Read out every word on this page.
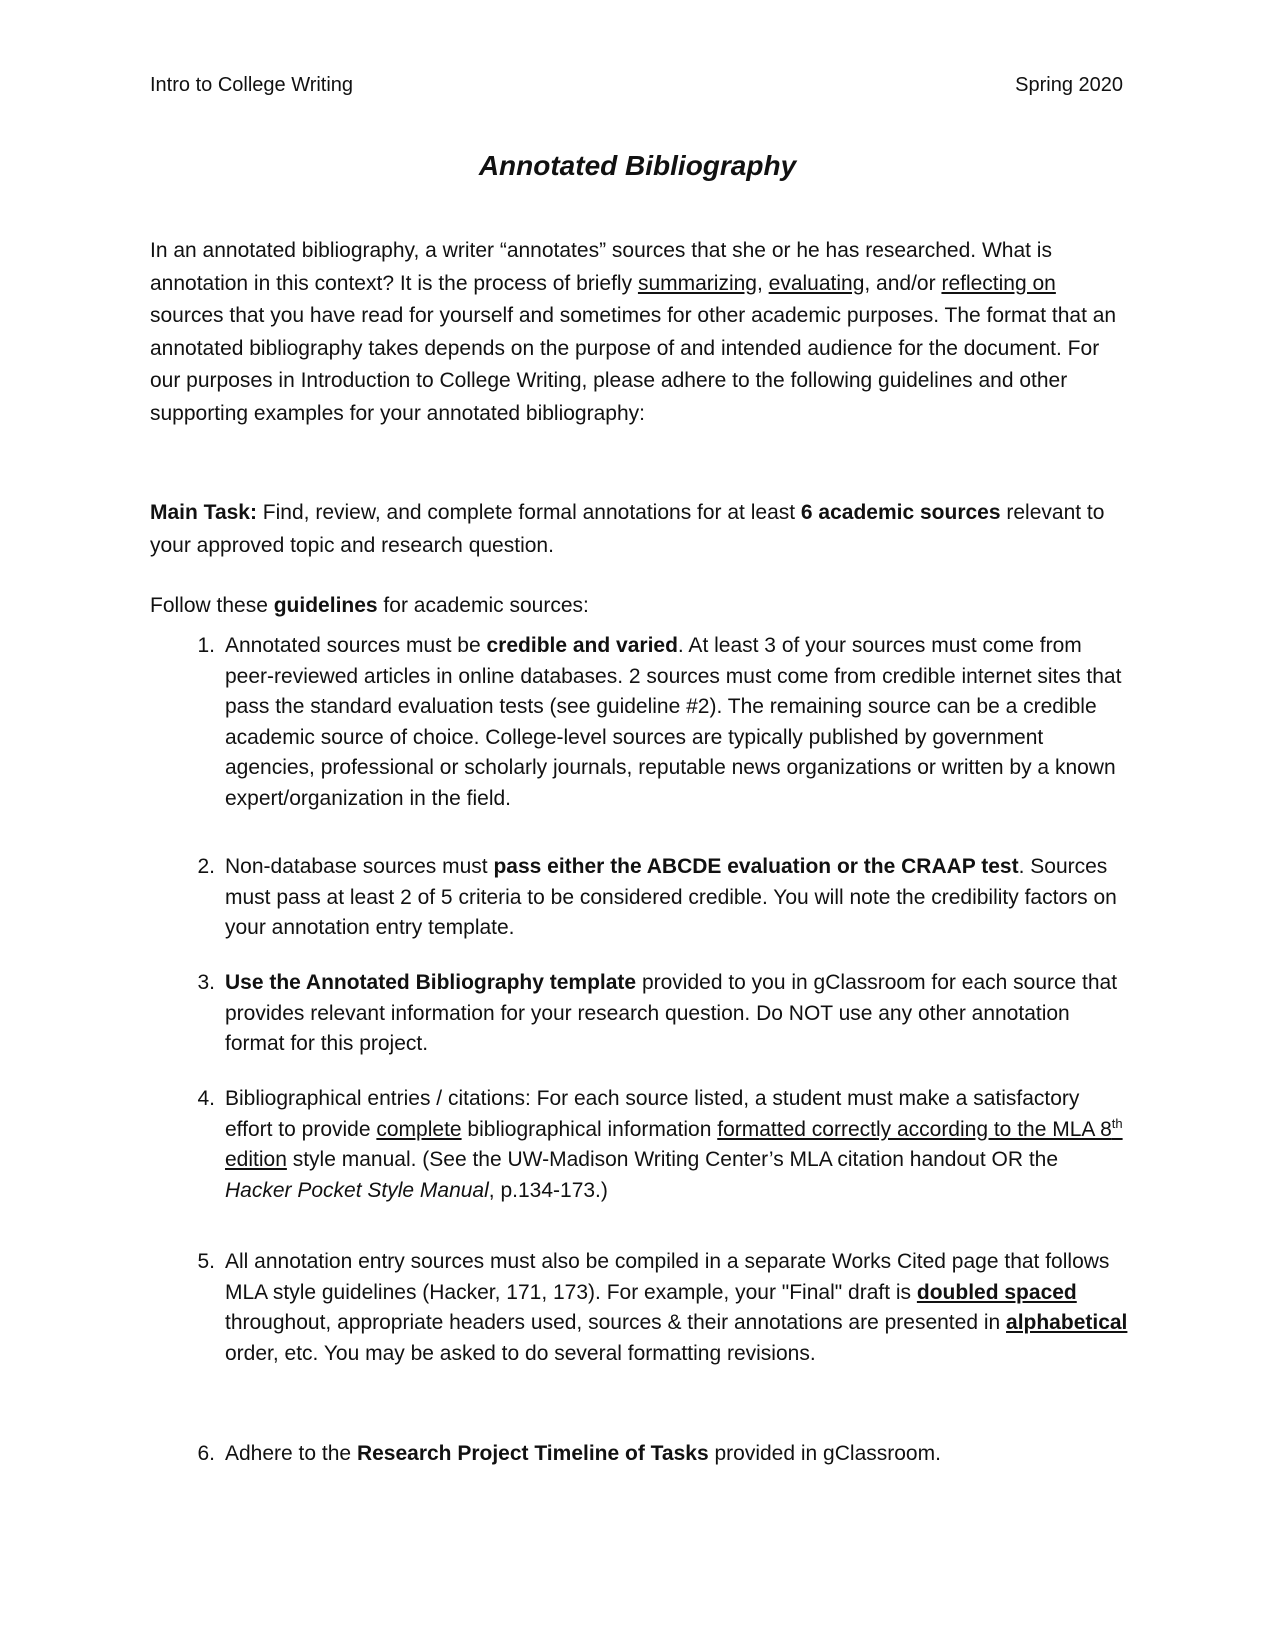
Intro to College Writing	Spring 2020
Annotated Bibliography
In an annotated bibliography, a writer “annotates” sources that she or he has researched. What is annotation in this context? It is the process of briefly summarizing, evaluating, and/or reflecting on sources that you have read for yourself and sometimes for other academic purposes. The format that an annotated bibliography takes depends on the purpose of and intended audience for the document. For our purposes in Introduction to College Writing, please adhere to the following guidelines and other supporting examples for your annotated bibliography:
Main Task: Find, review, and complete formal annotations for at least 6 academic sources relevant to your approved topic and research question.
Follow these guidelines for academic sources:
1. Annotated sources must be credible and varied. At least 3 of your sources must come from peer-reviewed articles in online databases. 2 sources must come from credible internet sites that pass the standard evaluation tests (see guideline #2). The remaining source can be a credible academic source of choice. College-level sources are typically published by government agencies, professional or scholarly journals, reputable news organizations or written by a known expert/organization in the field.
2. Non-database sources must pass either the ABCDE evaluation or the CRAAP test. Sources must pass at least 2 of 5 criteria to be considered credible. You will note the credibility factors on your annotation entry template.
3. Use the Annotated Bibliography template provided to you in gClassroom for each source that provides relevant information for your research question. Do NOT use any other annotation format for this project.
4. Bibliographical entries / citations: For each source listed, a student must make a satisfactory effort to provide complete bibliographical information formatted correctly according to the MLA 8th edition style manual. (See the UW-Madison Writing Center’s MLA citation handout OR the Hacker Pocket Style Manual, p.134-173.)
5. All annotation entry sources must also be compiled in a separate Works Cited page that follows MLA style guidelines (Hacker, 171, 173). For example, your "Final" draft is doubled spaced throughout, appropriate headers used, sources & their annotations are presented in alphabetical order, etc. You may be asked to do several formatting revisions.
6. Adhere to the Research Project Timeline of Tasks provided in gClassroom.
